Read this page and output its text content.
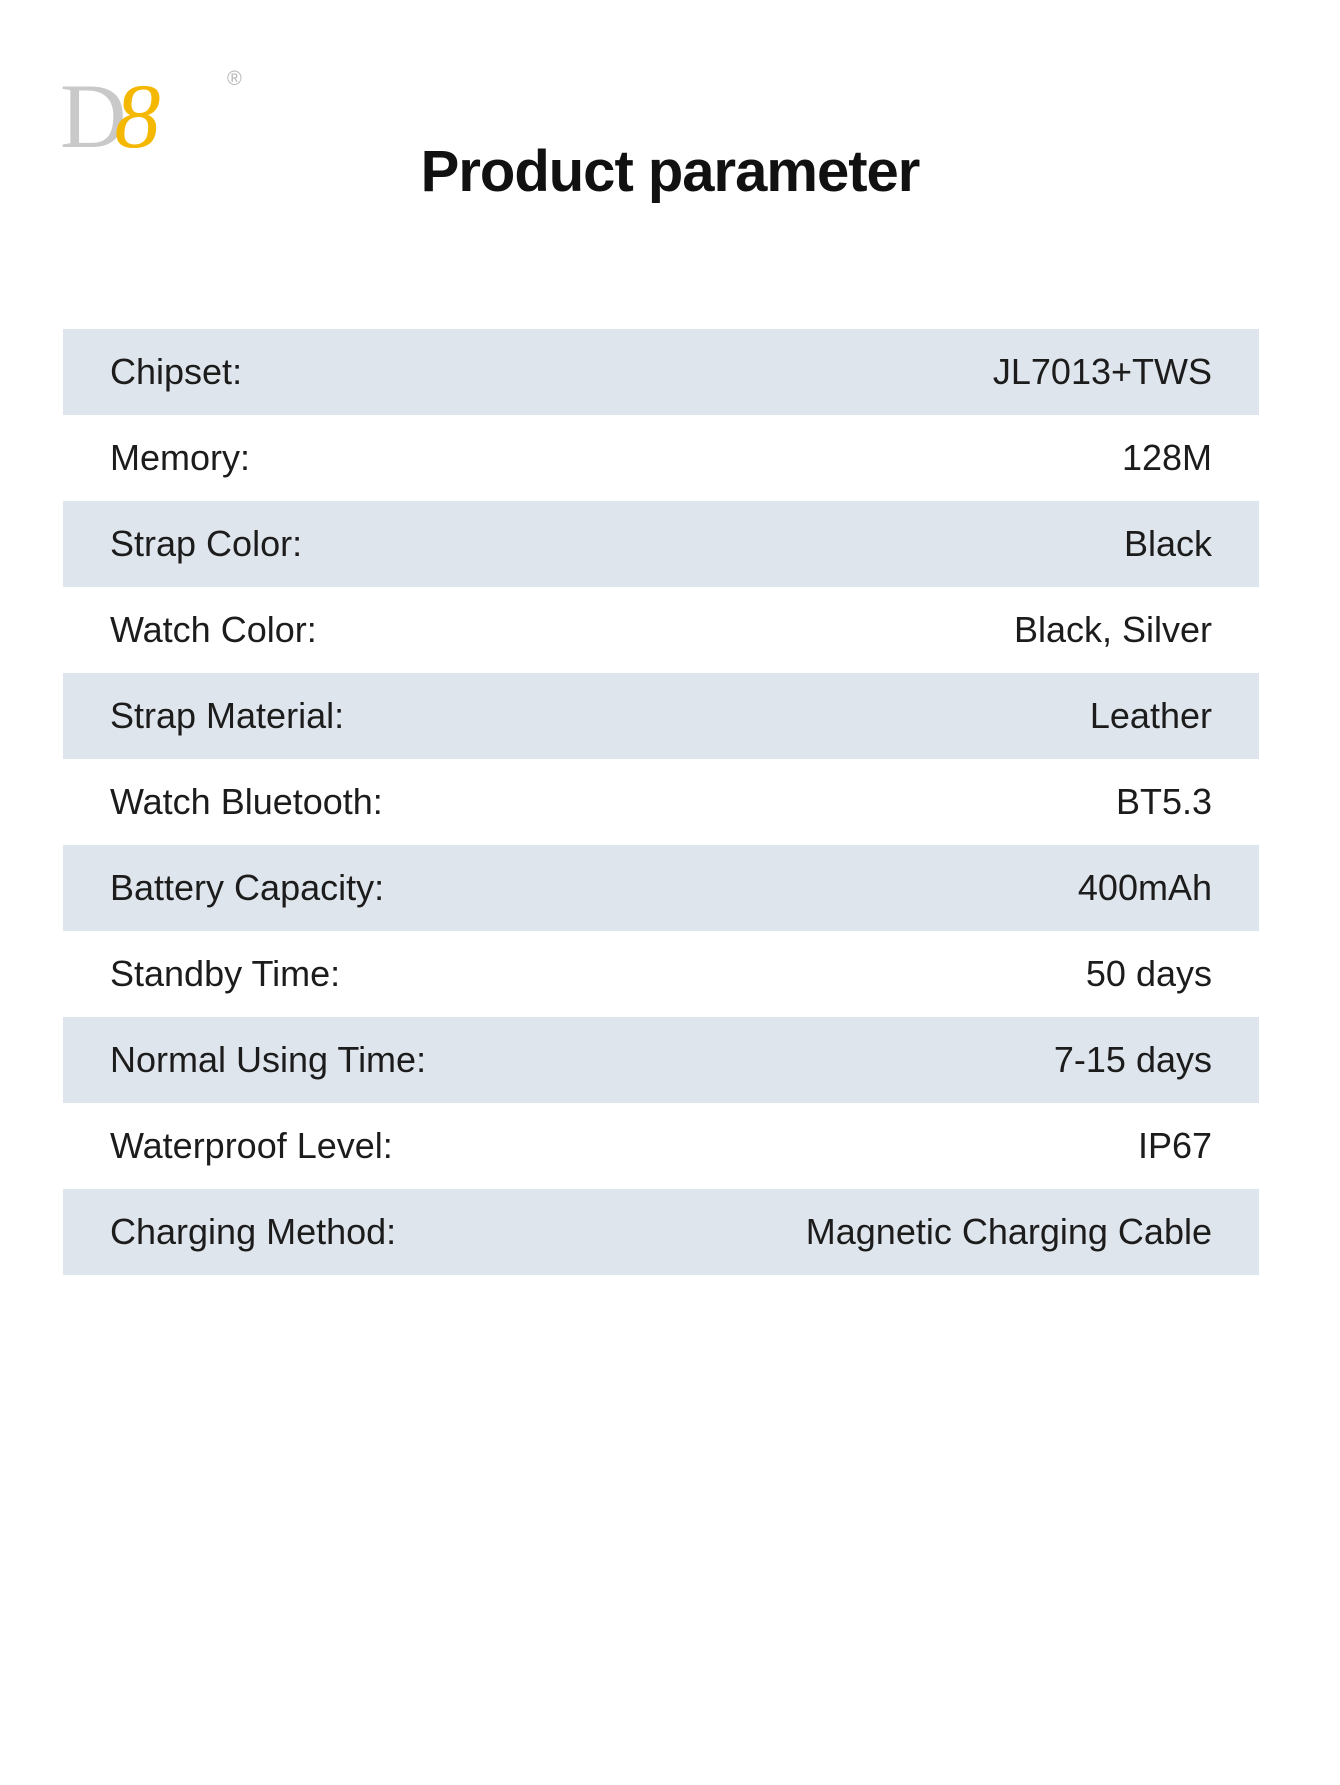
D8	®
Product parameter
Chipset:	JL7013+TWS
Memory:	128M
Strap Color:	Black
Watch Color:	Black, Silver
Strap Material:	Leather
Watch Bluetooth:	BT5.3
Battery Capacity:	400mAh
Standby Time:	50 days
Normal Using Time:	7-15 days
Waterproof Level:	IP67
Charging Method:	Magnetic Charging Cable
